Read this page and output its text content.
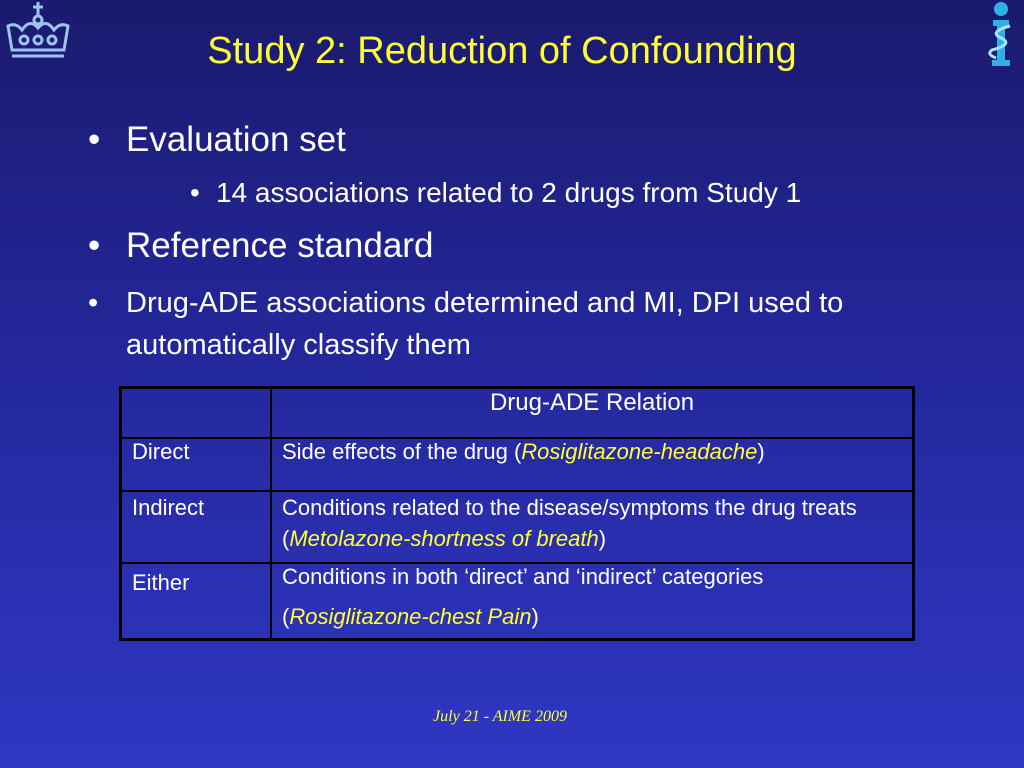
Study 2: Reduction of Confounding
• Evaluation set
• 14 associations related to 2 drugs from Study 1
• Reference standard
• Drug-ADE associations determined and MI, DPI used to automatically classify them
	Drug-ADE Relation
Direct	Side effects of the drug (Rosiglitazone-headache)
Indirect	Conditions related to the disease/symptoms the drug treats (Metolazone-shortness of breath)
Either	Conditions in both ‘direct’ and ‘indirect’ categories
(Rosiglitazone-chest Pain)
July 21 - AIME 2009
